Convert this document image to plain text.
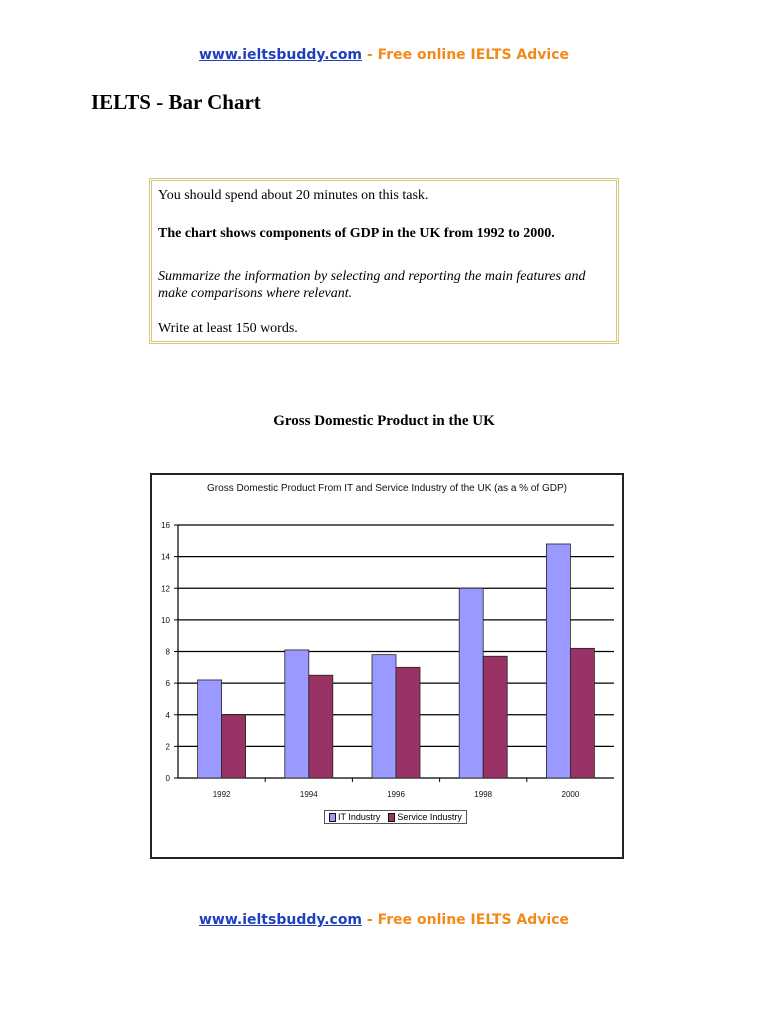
www.ieltsbuddy.com - Free online IELTS Advice
IELTS - Bar Chart

You should spend about 20 minutes on this task.

The chart shows components of GDP in the UK from 1992 to 2000.

Summarize the information by selecting and reporting the main features and make comparisons where relevant.

Write at least 150 words.

Gross Domestic Product in the UK
0
2
4
6
8
10
12
14
16
1992	1994	1996	1998	2000
Gross Domestic Product From IT and Service Industry of the UK (as a % of GDP)
IT Industry Service Industry
www.ieltsbuddy.com - Free online IELTS Advice
